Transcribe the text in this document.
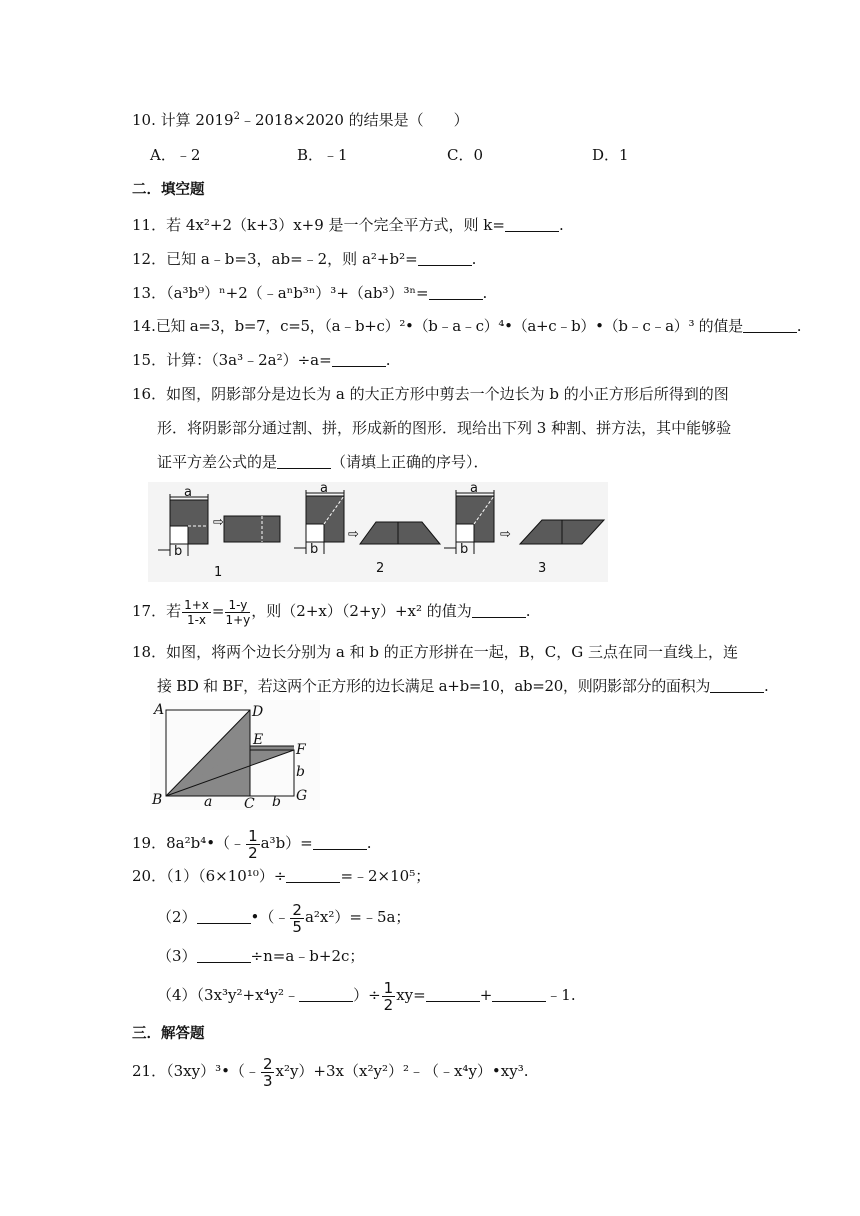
10. 计算 $2019^2﹣2018\times 2020$ 的结果是（　　）
A．﹣2	B．﹣1	C．0	D．1
二．填空题
11．若 4x²+2（k+3）x+9 是一个完全平方式，则 k=	.
12．已知 a﹣b=3，ab=﹣2，则 a²+b²=	.
13．（a³b⁹）ⁿ+2（﹣aⁿb³ⁿ）³+（ab³）³ⁿ=	.
14.已知 a=3，b=7，c=5，（a﹣b+c）²•（b﹣a﹣c）⁴•（a+c﹣b）•（b﹣c﹣a）³ 的值是	.
15．计算：（3a³﹣2a²）÷a=	.
16．如图，阴影部分是边长为 a 的大正方形中剪去一个边长为 b 的小正方形后所得到的图
形．将阴影部分通过割、拼，形成新的图形．现给出下列 3 种割、拼方法，其中能够验
证平方差公式的是	（请填上正确的序号）．
a
b
⇨
1
a
b
⇨
2
a
b
⇨
3
17．若 $\frac{1+x}{1-x} = \frac{1-y}{1+y}$ ，则（2+x）（2+y）+x² 的值为	.
18．如图，将两个边长分别为 a 和 b 的正方形拼在一起，B，C，G 三点在同一直线上，连
接 BD 和 BF，若这两个正方形的边长满足 a+b=10，ab=20，则阴影部分的面积为	.
A	D
E
F
B	C	G
a	b
b
19．8a²b⁴•（﹣ $\frac{1}{2} a^3b)=$	.
20．（1）（6×10¹⁰）÷	=﹣2×10⁵；
（2）	•（﹣ $\frac{2}{5}$ a²x²）=﹣5a；
（3）	÷n=a﹣b+2c；
（4）（3x³y²+x⁴y²﹣	）÷ $\frac{1}{2} xy=$	+	﹣1.
三．解答题
21．（3xy）³•（﹣ $\frac{2}{3}$ x²y）+3x（x²y²）²﹣（﹣x⁴y）•xy³.
